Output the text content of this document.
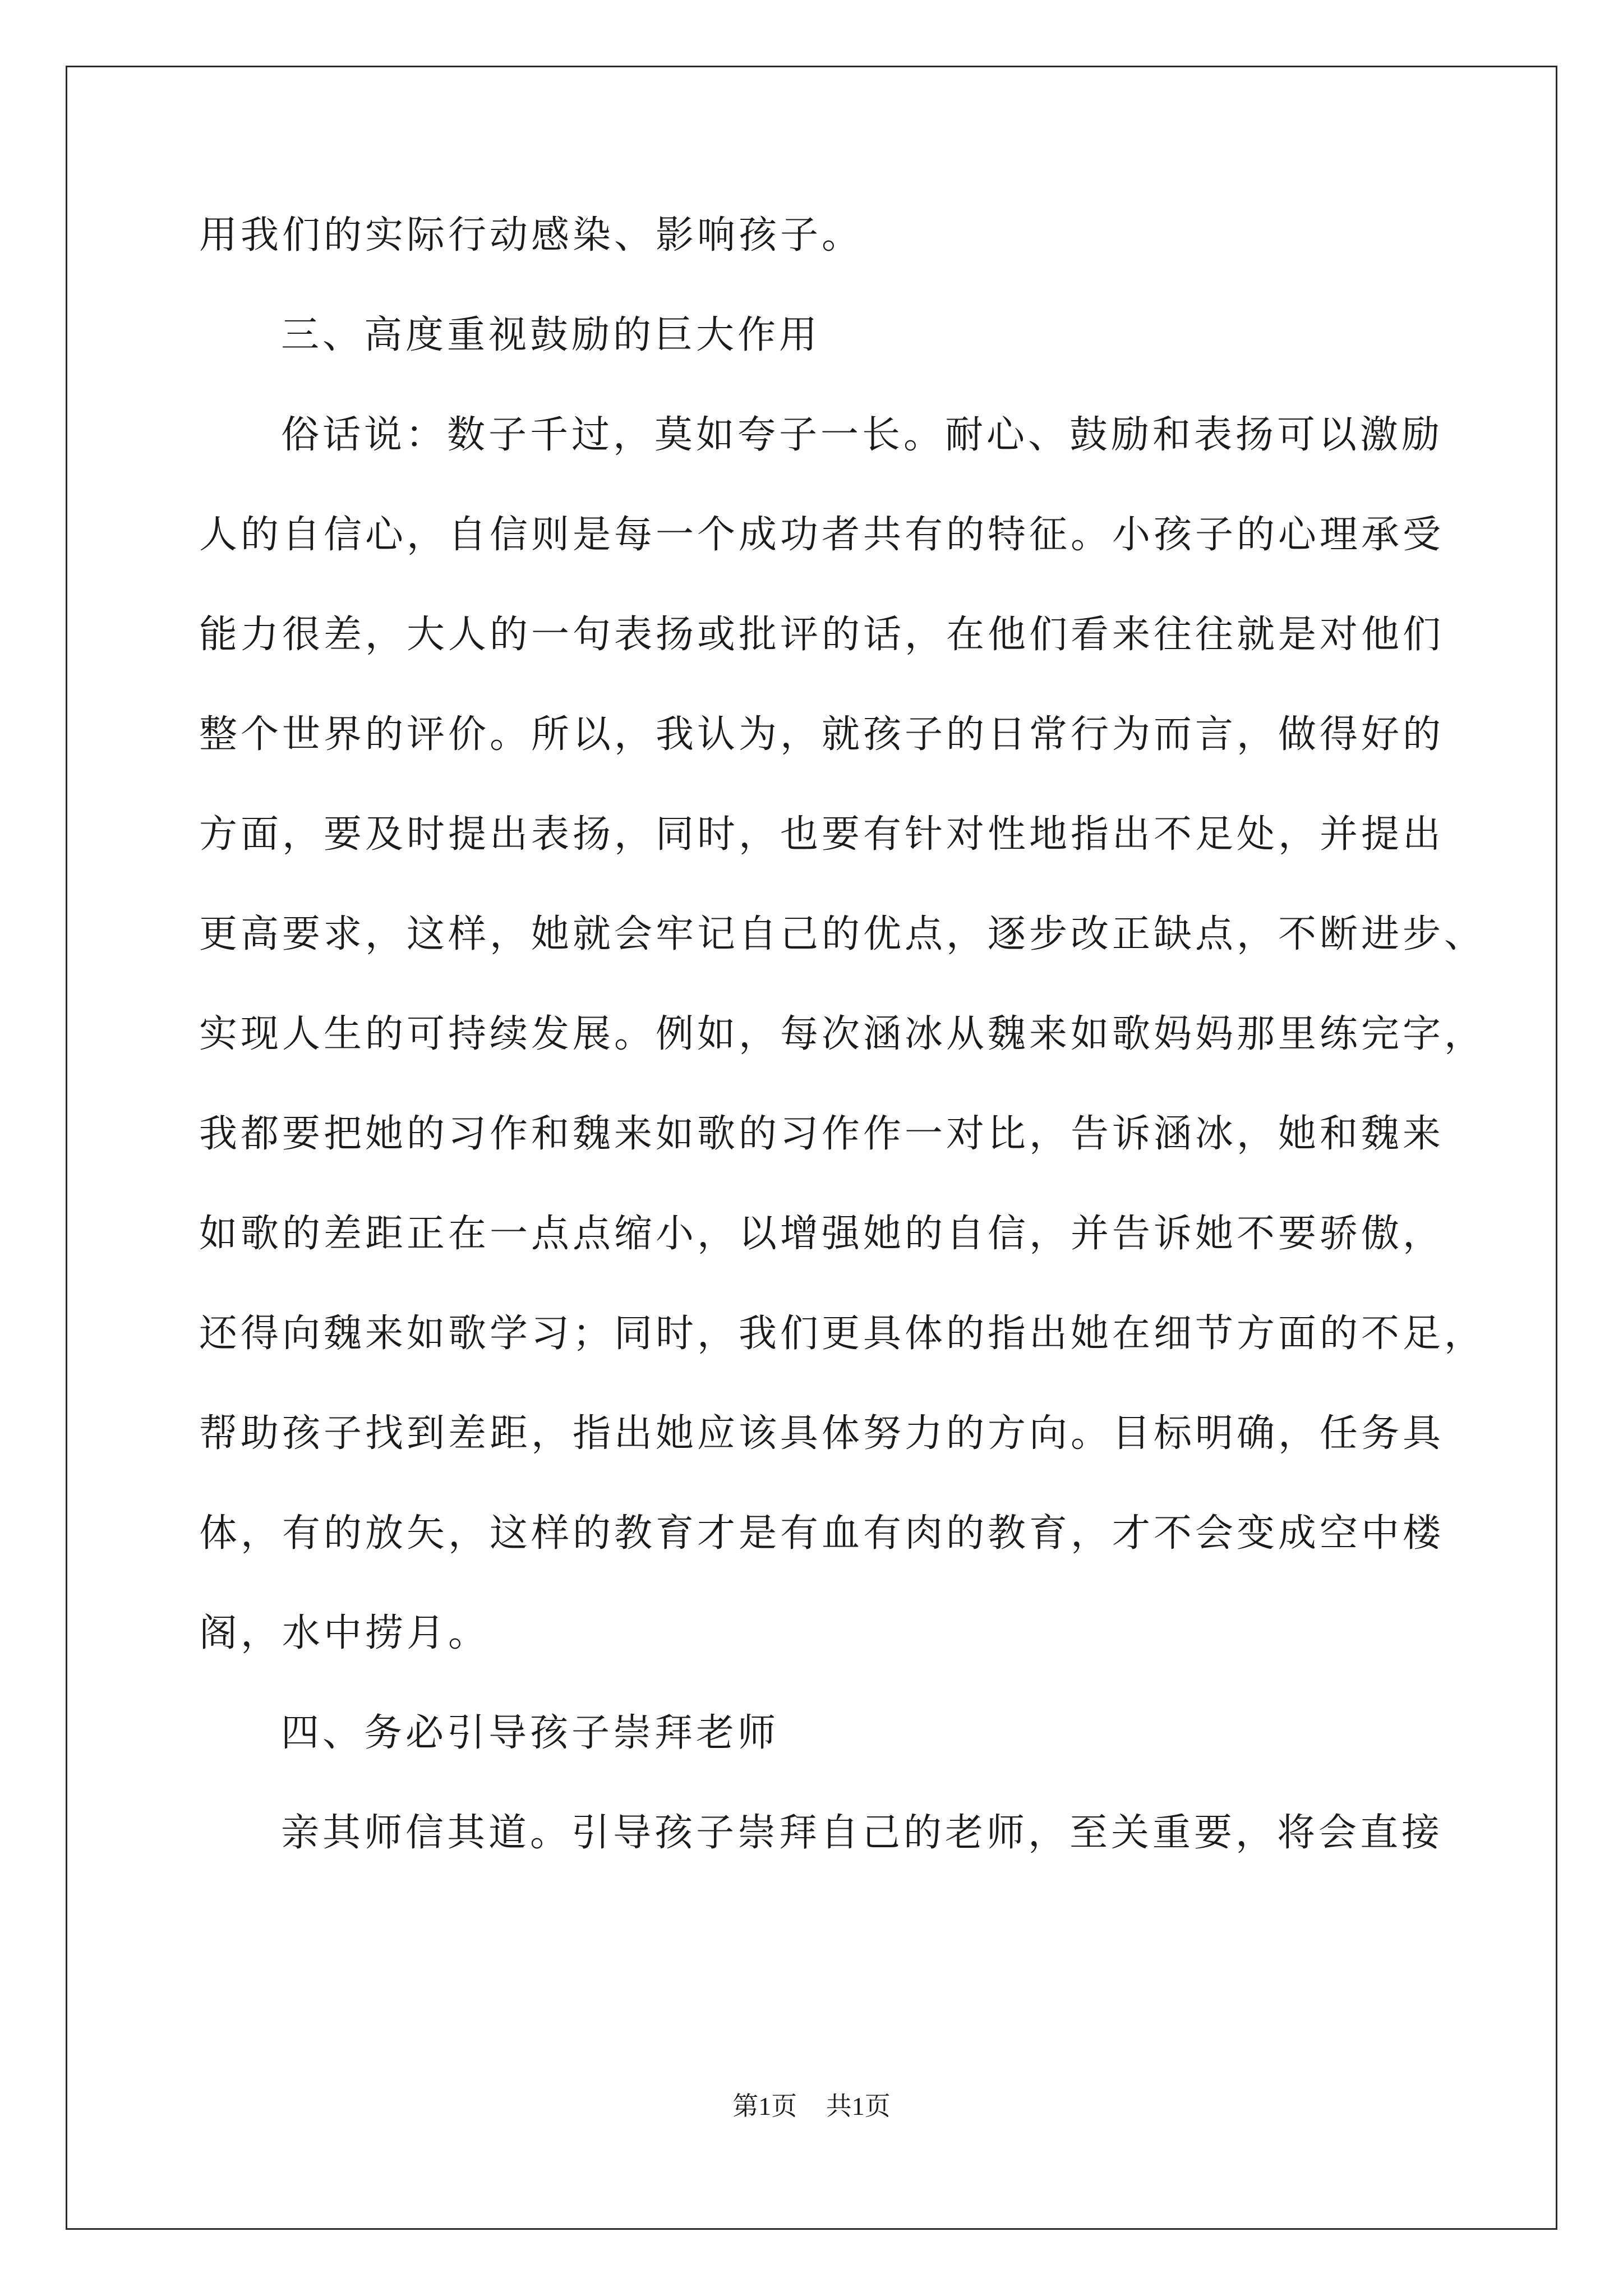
用我们的实际行动感染、影响孩子。
三、高度重视鼓励的巨大作用
俗话说：数子千过，莫如夸子一长。耐心、鼓励和表扬可以激励
人的自信心，自信则是每一个成功者共有的特征。小孩子的心理承受
能力很差，大人的一句表扬或批评的话，在他们看来往往就是对他们
整个世界的评价。所以，我认为，就孩子的日常行为而言，做得好的
方面，要及时提出表扬，同时，也要有针对性地指出不足处，并提出
更高要求，这样，她就会牢记自己的优点，逐步改正缺点，不断进步、
实现人生的可持续发展。例如，每次涵冰从魏来如歌妈妈那里练完字，
我都要把她的习作和魏来如歌的习作作一对比，告诉涵冰，她和魏来
如歌的差距正在一点点缩小，以增强她的自信，并告诉她不要骄傲，
还得向魏来如歌学习；同时，我们更具体的指出她在细节方面的不足，
帮助孩子找到差距，指出她应该具体努力的方向。目标明确，任务具
体，有的放矢，这样的教育才是有血有肉的教育，才不会变成空中楼
阁，水中捞月。
四、务必引导孩子崇拜老师
亲其师信其道。引导孩子崇拜自己的老师，至关重要，将会直接
第1页 共1页
